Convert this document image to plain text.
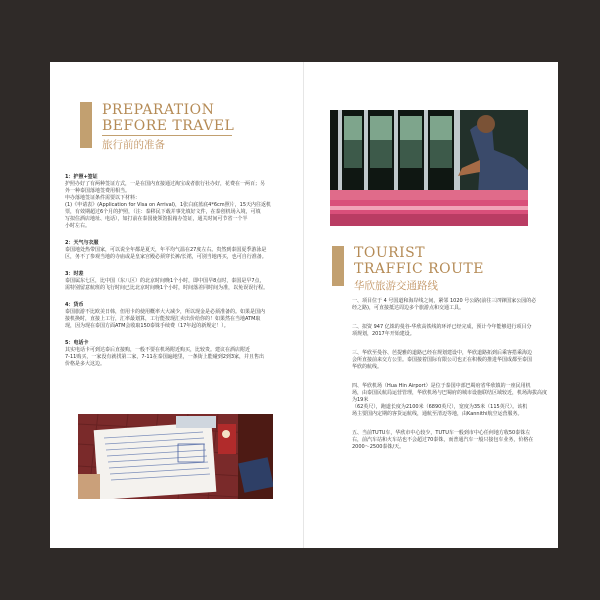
PREPARATION
BEFORE TRAVEL
旅行前的准备
1：护照+签证

护照办好了有两种签证方式，一是在国内直接通过淘宝或者旅行社办好，花费在一两百；另

外一种泰国落地签费用相当。

申办落地签证条件需要以下材料：

(1)《申请表》(Application for Visa on Arrival)，1张白底蓝底4*6cm照片，15天内往返机

票，有效期超过6个月的护照，（注：泰移民下载并事先填好文件，在泰创机场入境，可填

写拟住酒店地址、电话），如打前在泰国使领馆报箱办签证，通关时间可节省一个半

小时左右。

2：天气与衣服

泰国地处热带国家，可以说全年都是夏天，年平均气温在27度左右。贵然到泰国夏季游泳是

区，务不了参观当地的寺庙或是皇家宫殿必须穿长裤/长裙，可别当地再买，也可自行准备。

3：时差

泰国属东七区，比中国（东八区）的北京时间晚1个小时，即中国早8点时，泰国是早7点，

需特别留意航班的飞行时间已比北京时间晚1个小时，时间落差同时间为准，以免误误行程。

4：货币

泰国旅游不比欧美日韩，但用卡的使用概率大大减少，所以现金是必须准备的。如果是国内

接机换时，直接上工行，汇率最划算，工行能按现汇卖出价给你的！如果然在当地ATM取

现，因为现在泰国方面ATM会收取150泰铢手续费（17年起的新规定！）。

5：电话卡

其实电话卡可到达泰后直接购，一般不要在机场附近购买，比较贵。建议在酒店附近

7-11购买，一家没有就找第二家，7-11在泰国遍地里，一条街上能碰到2到3家，并且售出

价格是多大这边。

TOURIST
TRAFFIC ROUTE
华欣旅游交通路线

一、项目位于 4 号国道和海岸线之间，紧邻 1020 号公路(前往三四锋国家公园的必

经之路)，可直接抵达周边多个旅游点和交通工具。

二、拟资 947 亿铢的曼谷-华欣高铁线的环评已经完成，预计今年能够进行项目分

项规划，2017年开始建设。

三、华欣至曼谷、芭提雅的道路已经在规划建设中，华欣道路拓到后乘客搭乘海边

会所直接前来交方公里。泰国接着国际有限公司也正在积极的推进华国成都至泰国

华欣的航线。

四、华欣机场（Hua Hin Airport）是位于泰国中部巴蜀府省华欣镇的一座民用机

场，由泰国民航局运营管理，华欣机场与巴蜀府的城市设施联结区域较近，机场海拔高度为19米

（62英尺），跑道长度为2100米（6890英尺），宽度为35米（115英尺）。该机

场主要国内定期的客货运航线，通航至清迈等地，由Kannithi航空运营服务。

五、当前TUTU车，华欣市中心较少，TUTU车一般到市中心任何地方收50泰铢左

右，前汽车站和火车站也不会超过70泰铢，而普通汽车一般只接包车业务，价格在

2000～2500泰铢/天。
